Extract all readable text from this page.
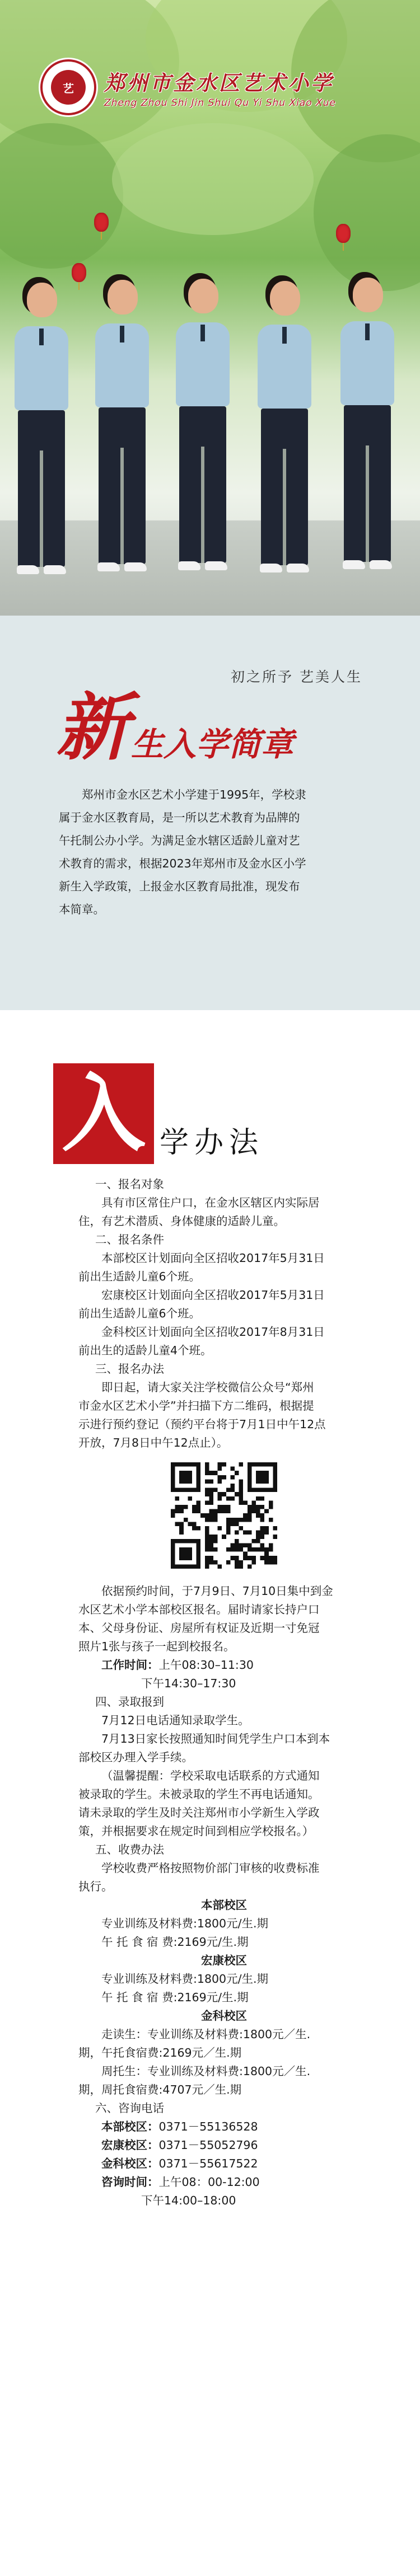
艺 郑州市金水区艺术小学
Zheng Zhou Shi Jin Shui Qu Yi Shu Xiao Xue
初之所予 艺美人生
新 生入学简章
郑州市金水区艺术小学建于1995年，学校隶
属于金水区教育局，是一所以艺术教育为品牌的
午托制公办小学。为满足金水辖区适龄儿童对艺
术教育的需求，根据2023年郑州市及金水区小学
新生入学政策，上报金水区教育局批准，现发布
本简章。
入 学办法

一、报名对象

具有市区常住户口，在金水区辖区内实际居

住，有艺术潜质、身体健康的适龄儿童。

二、报名条件

本部校区计划面向全区招收2017年5月31日

前出生适龄儿童6个班。

宏康校区计划面向全区招收2017年5月31日

前出生适龄儿童6个班。

金科校区计划面向全区招收2017年8月31日

前出生的适龄儿童4个班。

三、报名办法

即日起，请大家关注学校微信公众号“郑州

市金水区艺术小学”并扫描下方二维码，根据提

示进行预约登记（预约平台将于7月1日中午12点

开放，7月8日中午12点止）。

依据预约时间，于7月9日、7月10日集中到金

水区艺术小学本部校区报名。届时请家长持户口

本、父母身份证、房屋所有权证及近期一寸免冠

照片1张与孩子一起到校报名。

工作时间：上午08:30–11:30

下午14:30–17:30

四、录取报到

7月12日电话通知录取学生。

7月13日家长按照通知时间凭学生户口本到本

部校区办理入学手续。

（温馨提醒：学校采取电话联系的方式通知

被录取的学生。未被录取的学生不再电话通知。

请未录取的学生及时关注郑州市小学新生入学政

策，并根据要求在规定时间到相应学校报名。）

五、收费办法

学校收费严格按照物价部门审核的收费标准

执行。

本部校区

专业训练及材料费:1800元/生.期

午 托 食 宿 费:2169元/生.期

宏康校区

专业训练及材料费:1800元/生.期

午 托 食 宿 费:2169元/生.期

金科校区

走读生：专业训练及材料费:1800元／生.

期，午托食宿费:2169元／生.期

周托生：专业训练及材料费:1800元／生.

期，周托食宿费:4707元／生.期

六、咨询电话

本部校区：0371－55136528

宏康校区：0371－55052796

金科校区：0371－55617522

咨询时间：上午08：00-12:00

下午14:00–18:00
